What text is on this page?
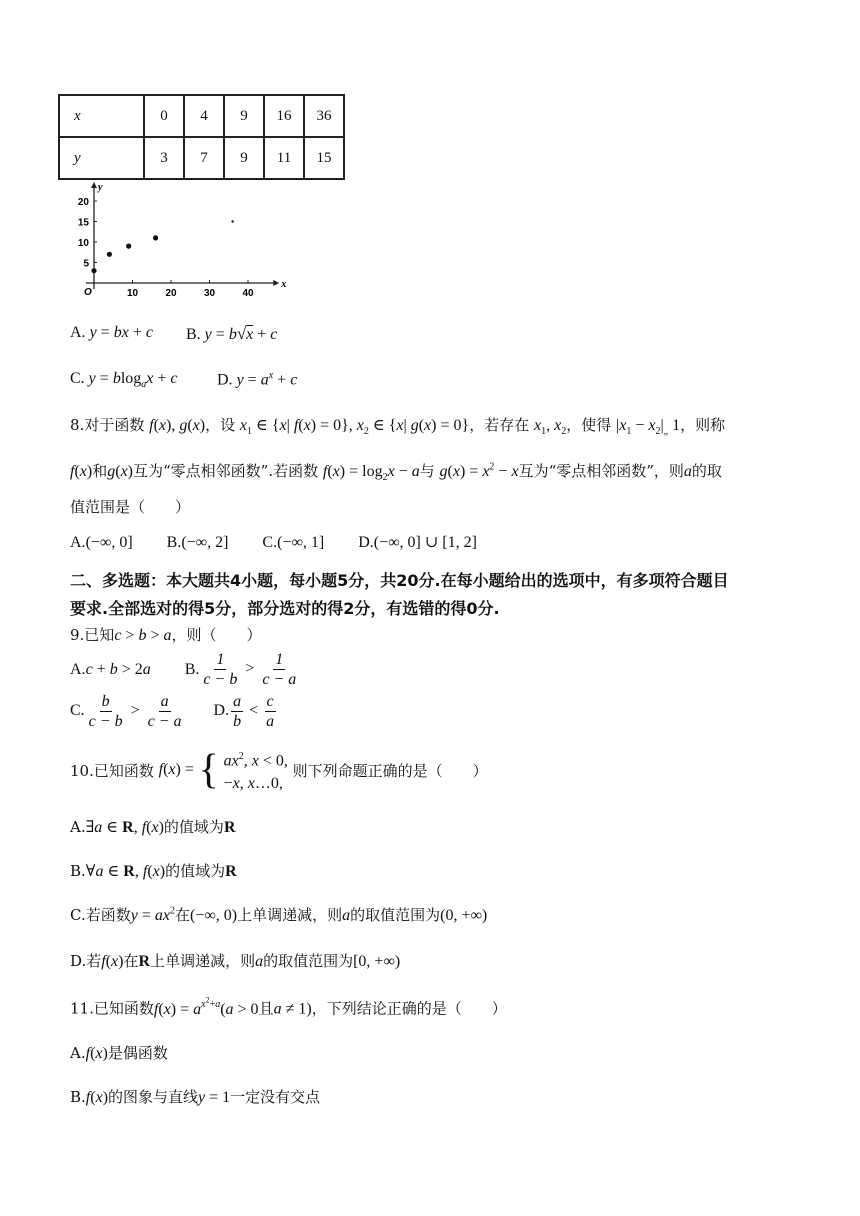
x	0	4	9	16	36
y	3	7	9	11	15
x
y
O	10	20	30	40
5
10
15
20
A. y = bx + c B. y = b√x + c
C. y = blog$_a$x + c D. $y = a^x + c$
8.对于函数 f(x), g(x)，设 $x_1$ ∈ {x| f(x) = 0}, $x_2$ ∈ {x| g(x) = 0}，若存在 $x_1$, $x_2$，使得 $|x_1 - x_2|_„$ 1，则称
f(x)和g(x)互为“零点相邻函数”.若函数 $f(x) = \log_2x - a$与 $g(x) = x^2 - x$互为“零点相邻函数”，则a的取
值范围是（　　）
A.(−∞, 0] B.(−∞, 2] C.(−∞, 1] D.(−∞, 0] ∪ [1, 2]
二、多选题：本大题共4小题，每小题5分，共20分.在每小题给出的选项中，有多项符合题目
要求.全部选对的得5分，部分选对的得2分，有选错的得0分.
9.已知c > b > a，则（　　）
A.c + b > 2a B. $\frac{1}{c - b} > \frac{1}{c - a}$
C. $\frac{b}{c - b} > \frac{a}{c - a} D$. $\frac{a}{b} < \frac{c}{a}$
10.已知函数 f(x) = { $ax^2$, x < 0,
−x, x…0, 则下列命题正确的是（　　）
A.∃a ∈ R, f(x)的值域为R
B.∀a ∈ R, f(x)的值域为R
C.若函数$y = ax^2$在(−∞, 0)上单调递减，则a的取值范围为(0, +∞)
D.若f(x)在R上单调递减，则a的取值范围为[0, +∞)
11.已知函数$f(x) = a^{x^2+a}(a > 0$且a ≠ 1)，下列结论正确的是（　　）
A.f(x)是偶函数
B.f(x)的图象与直线y = 1一定没有交点
